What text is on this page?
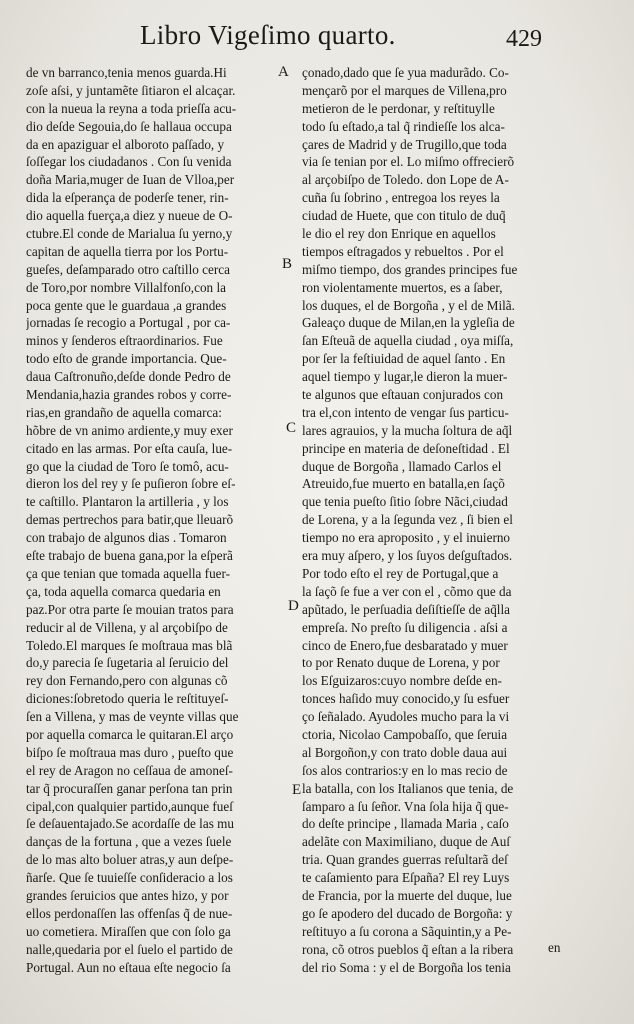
Libro Vigeſimo quarto.	429
de vn barranco,tenia menos guarda.Hi
zoſe aſsi, y juntamẽte ſitiaron el alcaçar.
con la nueua la reyna a toda prieſſa acu-
dio deſde Segouia,do ſe hallaua occupa
da en apaziguar el alboroto paſſado, y
ſoſſegar los ciudadanos . Con ſu venida
doña Maria,muger de Iuan de Vlloa,per
dida la eſperança de poderſe tener, rin-
dio aquella fuerça,a diez y nueue de O-
ctubre.El conde de Marialua ſu yerno,y
capitan de aquella tierra por los Portu-
gueſes, deſamparado otro caſtillo cerca
de Toro,por nombre Villalfonſo,con la
poca gente que le guardaua ,a grandes
jornadas ſe recogio a Portugal , por ca-
minos y ſenderos eſtraordinarios. Fue
todo eſto de grande importancia. Que-
daua Caſtronuño,deſde donde Pedro de
Mendania,hazia grandes robos y corre-
rias,en grandaño de aquella comarca:
hõbre de vn animo ardiente,y muy exer
citado en las armas. Por eſta cauſa, lue-
go que la ciudad de Toro ſe tomô, acu-
dieron los del rey y ſe puſieron ſobre eſ-
te caſtillo. Plantaron la artilleria , y los
demas pertrechos para batir,que lleuarõ
con trabajo de algunos dias . Tomaron
eſte trabajo de buena gana,por la eſperã
ça que tenian que tomada aquella fuer-
ça, toda aquella comarca quedaria en
paz.Por otra parte ſe mouian tratos para
reducir al de Villena, y al arçobiſpo de
Toledo.El marques ſe moſtraua mas blã
do,y parecia ſe ſugetaria al ſeruicio del
rey don Fernando,pero con algunas cõ
diciones:ſobretodo queria le reſtituyeſ-
ſen a Villena, y mas de veynte villas que
por aquella comarca le quitaran.El arço
biſpo ſe moſtraua mas duro , pueſto que
el rey de Aragon no ceſſaua de amoneſ-
tar q̃ procuraſſen ganar perſona tan prin
cipal,con qualquier partido,aunque fueſ
ſe deſauentajado.Se acordaſſe de las mu
danças de la fortuna , que a vezes ſuele
de lo mas alto boluer atras,y aun deſpe-
ñarſe. Que ſe tuuieſſe conſideracio a los
grandes ſeruicios que antes hizo, y por
ellos perdonaſſen las offenſas q̃ de nue-
uo cometiera. Miraſſen que con ſolo ga
nalle,quedaria por el ſuelo el partido de
Portugal. Aun no eſtaua eſte negocio ſa
çonado,dado que ſe yua madurãdo. Co-
mençarõ por el marques de Villena,pro
metieron de le perdonar, y reſtituylle
todo ſu eſtado,a tal q̃ rindieſſe los alca-
çares de Madrid y de Trugillo,que toda
via ſe tenian por el. Lo miſmo offrecierõ
al arçobiſpo de Toledo. don Lope de A-
cuña ſu ſobrino , entregoa los reyes la
ciudad de Huete, que con titulo de duq̃
le dio el rey don Enrique en aquellos
tiempos eſtragados y rebueltos . Por el
miſmo tiempo, dos grandes principes fue
ron violentamente muertos, es a ſaber,
los duques, el de Borgoña , y el de Milã.
Galeaço duque de Milan,en la ygleſia de
ſan Eſteuã de aquella ciudad , oya miſſa,
por ſer la feſtiuidad de aquel ſanto . En
aquel tiempo y lugar,le dieron la muer-
te algunos que eſtauan conjurados con
tra el,con intento de vengar ſus particu-
lares agrauios, y la mucha ſoltura de aq̃l
principe en materia de deſoneſtidad . El
duque de Borgoña , llamado Carlos el
Atreuido,fue muerto en batalla,en ſaçõ
que tenia pueſto ſitio ſobre Nãci,ciudad
de Lorena, y a la ſegunda vez , ſi bien el
tiempo no era aproposito , y el inuierno
era muy aſpero, y los ſuyos deſguſtados.
Por todo eſto el rey de Portugal,que a
la ſaçõ ſe fue a ver con el , cõmo que da
apũtado, le perſuadia deſiſtieſſe de aq̃lla
empreſa. No preſto ſu diligencia . aſsi a
cinco de Enero,fue desbaratado y muer
to por Renato duque de Lorena, y por
los Eſguizaros:cuyo nombre deſde en-
tonces haſido muy conocido,y ſu esfuer
ço ſeñalado. Ayudoles mucho para la vi
ctoria, Nicolao Campobaſſo, que ſeruia
al Borgoñon,y con trato doble daua aui
ſos alos contrarios:y en lo mas recio de
la batalla, con los Italianos que tenia, de
ſamparo a ſu ſeñor. Vna ſola hija q̃ que-
do deſte principe , llamada Maria , caſo
adelãte con Maximiliano, duque de Auſ
tria. Quan grandes guerras reſultarã deſ
te caſamiento para Eſpaña? El rey Luys
de Francia, por la muerte del duque, lue
go ſe apodero del ducado de Borgoña: y
reſtituyo a ſu corona a Sãquintin,y a Pe-
rona, cõ otros pueblos q̃ eſtan a la ribera
del rio Soma : y el de Borgoña los tenia
A
B
C
D
E
en
